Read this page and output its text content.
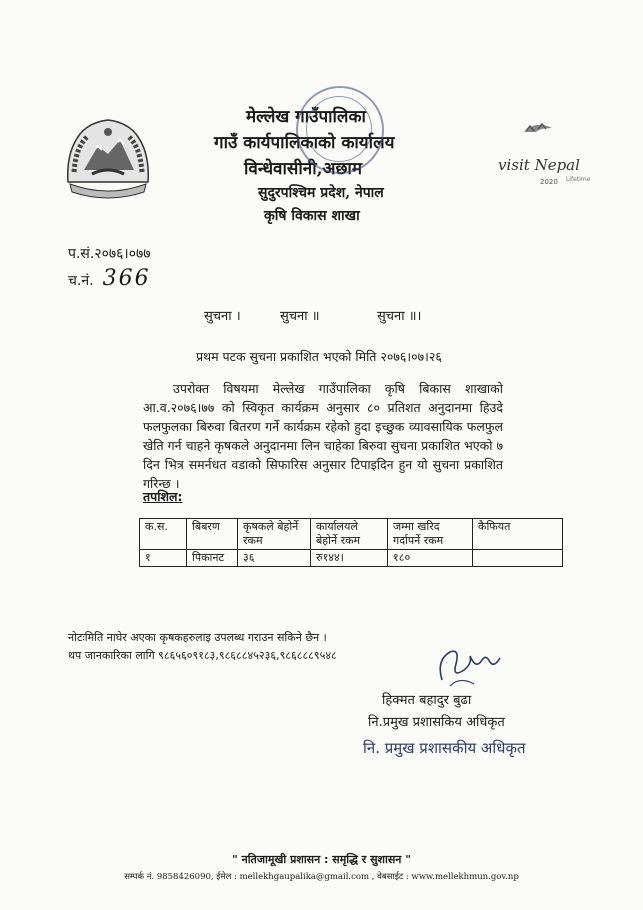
मेल्लेख गाउँपालिका
गाउँ कार्यपालिकाको कार्यालय
विन्धेवासीनी,अछाम
सुदुरपश्चिम प्रदेश, नेपाल
कृषि विकास शाखा
visit Nepal
2020 Lifetime
प.सं.२०७६।०७७
च.नं. 366
सुचना ।	सुचना ॥	सुचना ॥।
प्रथम पटक सुचना प्रकाशित भएको मिति २०७६।०७।२६
उपरोक्त विषयमा मेल्लेख गाउँपालिका कृषि बिकास शाखाको आ.व.२०७६।७७ को स्विकृत कार्यक्रम अनुसार ८० प्रतिशत अनुदानमा हिउदे फलफुलका बिरुवा बितरण गर्ने कार्यक्रम रहेको हुदा इच्छुक व्यावसायिक फलफुल खेति गर्न चाहने कृषकले अनुदानमा लिन चाहेका बिरुवा सुचना प्रकाशित भएको ७ दिन भित्र समर्नधत वडाको सिफारिस अनुसार टिपाइदिन हुन यो सुचना प्रकाशित गरिन्छ ।
तपशिल:
क.स.	बिबरण	कृषकले बेहोर्ने रकम	कार्यालयले बेहोर्ने रकम	जम्मा खरिद गर्दापर्ने रकम	कैफियत
१	पिकानट	३६	रु१४४।	१८०	
नोटःमिति नाघेर अएका कृषकहरुलाइ उपलब्ध गराउन सकिने छैन ।
थप जानकारिका लागि ९८६५६०९१८३,९८६८८४५२३६,९८६८८८९५४८
हिक्मत बहादुर बुढा
नि.प्रमुख प्रशासकिय अधिकृत
नि. प्रमुख प्रशासकीय अधिकृत
" नतिजामूखी प्रशासन : समृद्धि र सुशासन "
सम्पर्क नं. 9858426090, ईमेल : mellekhgaupalika@gmail.com , वेबसाईट : www.mellekhmun.gov.np
